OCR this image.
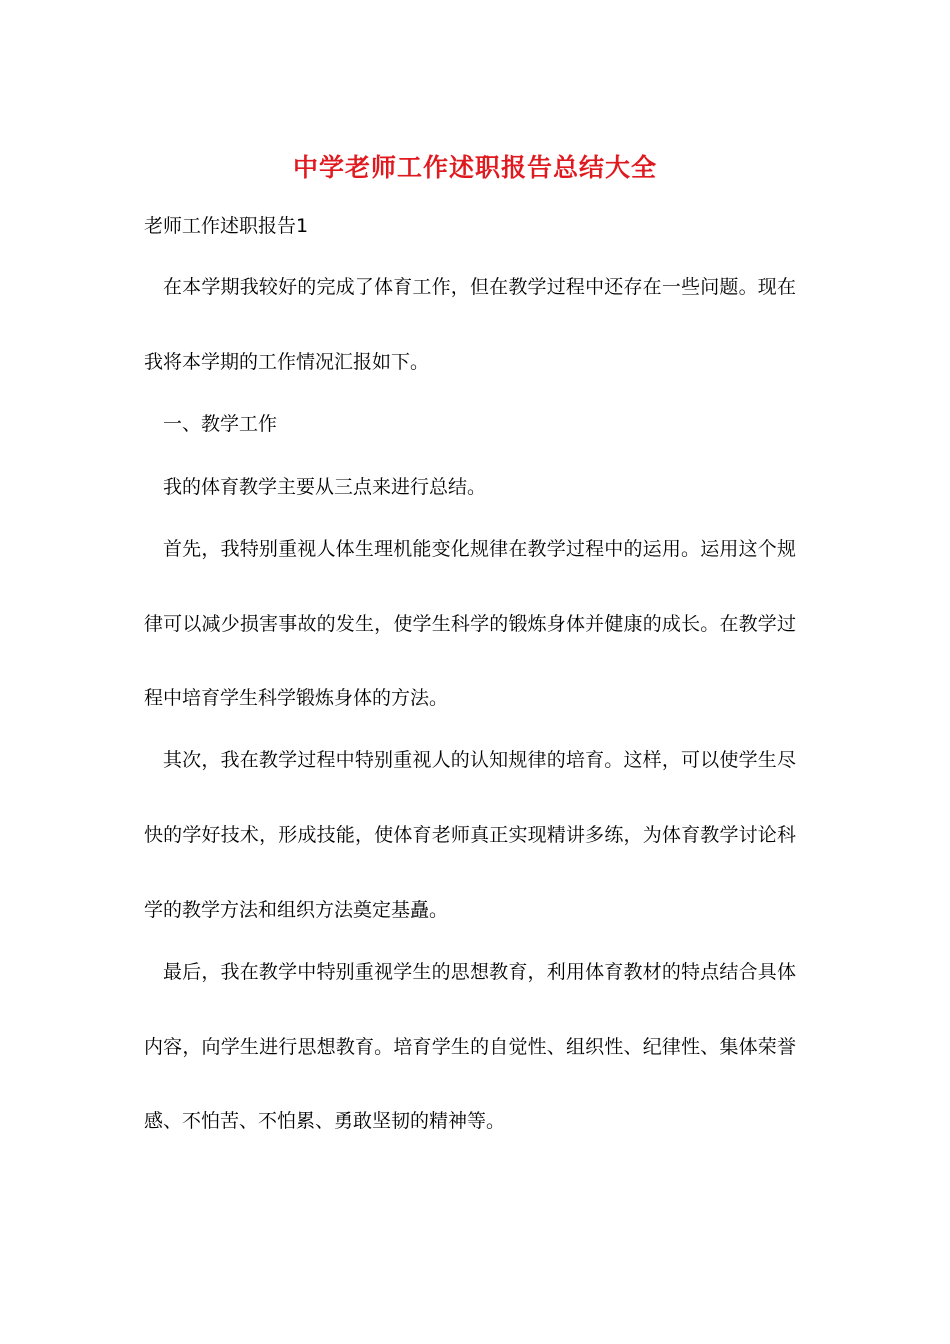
中学老师工作述职报告总结大全

老师工作述职报告1

在本学期我较好的完成了体育工作，但在教学过程中还存在一些问题。现在

我将本学期的工作情况汇报如下。

一、教学工作

我的体育教学主要从三点来进行总结。

首先，我特别重视人体生理机能变化规律在教学过程中的运用。运用这个规

律可以减少损害事故的发生，使学生科学的锻炼身体并健康的成长。在教学过

程中培育学生科学锻炼身体的方法。

其次，我在教学过程中特别重视人的认知规律的培育。这样，可以使学生尽

快的学好技术，形成技能，使体育老师真正实现精讲多练，为体育教学讨论科

学的教学方法和组织方法奠定基矗。

最后，我在教学中特别重视学生的思想教育，利用体育教材的特点结合具体

内容，向学生进行思想教育。培育学生的自觉性、组织性、纪律性、集体荣誉

感、不怕苦、不怕累、勇敢坚韧的精神等。
